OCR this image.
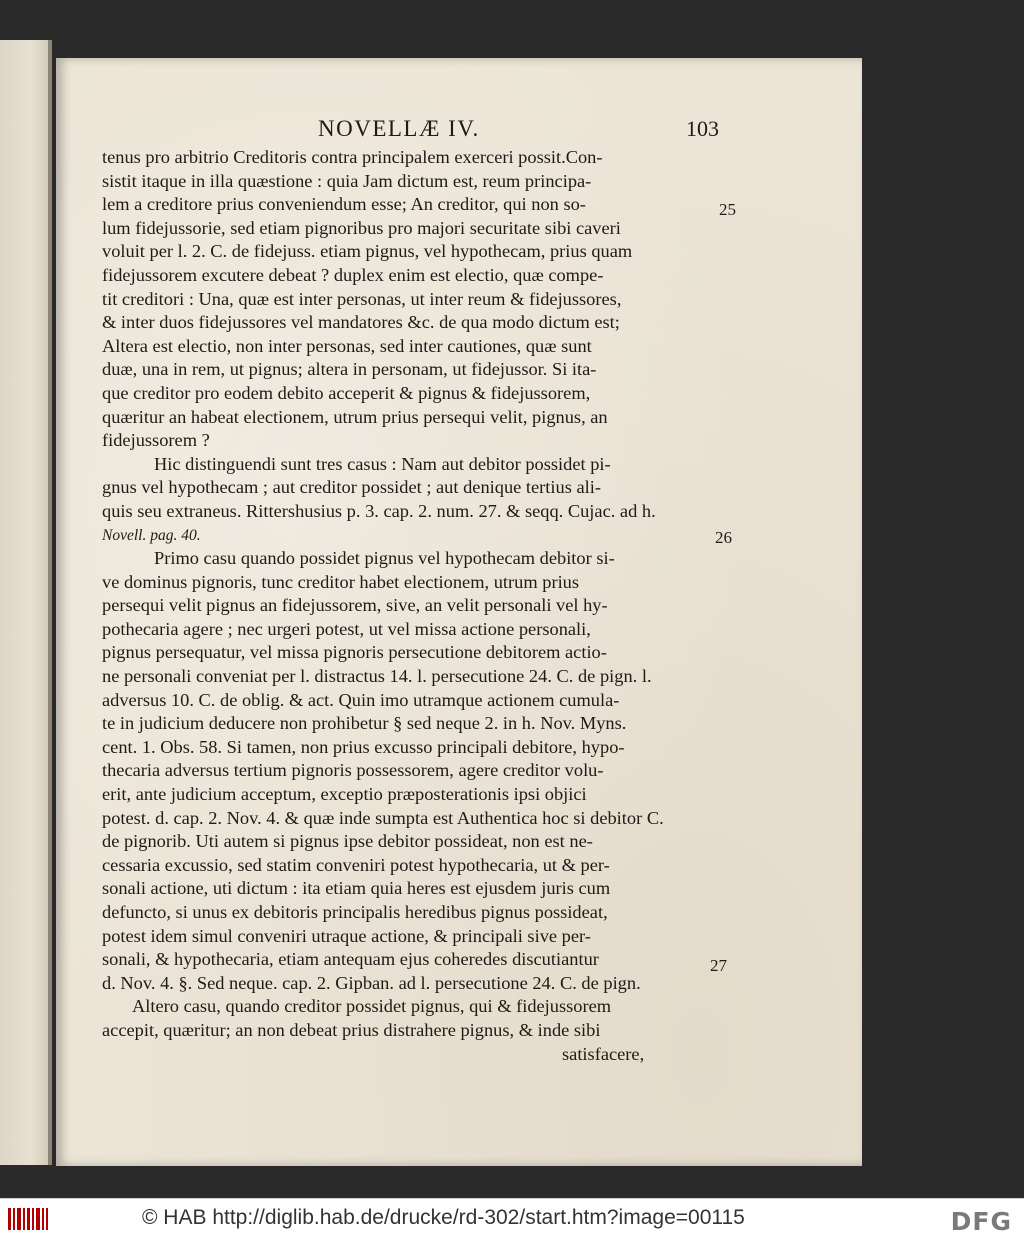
NOVELLÆ IV.	103
tenus pro arbitrio Creditoris contra principalem exerceri possit.Con-
sistit itaque in illa quæstione : quia Jam dictum est, reum principa-
lem a creditore prius conveniendum esse; An creditor, qui non so-
lum fidejussorie, sed etiam pignoribus pro majori securitate sibi caveri
voluit per l. 2. C. de fidejuss. etiam pignus, vel hypothecam, prius quam
fidejussorem excutere debeat ? duplex enim est electio, quæ compe-
tit creditori : Una, quæ est inter personas, ut inter reum & fidejussores,
& inter duos fidejussores vel mandatores &c. de qua modo dictum est;
Altera est electio, non inter personas, sed inter cautiones, quæ sunt
duæ, una in rem, ut pignus; altera in personam, ut fidejussor. Si ita-
que creditor pro eodem debito acceperit & pignus & fidejussorem,
quæritur an habeat electionem, utrum prius persequi velit, pignus, an
fidejussorem ?
Hic distinguendi sunt tres casus : Nam aut debitor possidet pi-
gnus vel hypothecam ; aut creditor possidet ; aut denique tertius ali-
quis seu extraneus. Rittershusius p. 3. cap. 2. num. 27. & seqq. Cujac. ad h.
Novell. pag. 40.
Primo casu quando possidet pignus vel hypothecam debitor si-
ve dominus pignoris, tunc creditor habet electionem, utrum prius
persequi velit pignus an fidejussorem, sive, an velit personali vel hy-
pothecaria agere ; nec urgeri potest, ut vel missa actione personali,
pignus persequatur, vel missa pignoris persecutione debitorem actio-
ne personali conveniat per l. distractus 14. l. persecutione 24. C. de pign. l.
adversus 10. C. de oblig. & act. Quin imo utramque actionem cumula-
te in judicium deducere non prohibetur § sed neque 2. in h. Nov. Myns.
cent. 1. Obs. 58. Si tamen, non prius excusso principali debitore, hypo-
thecaria adversus tertium pignoris possessorem, agere creditor volu-
erit, ante judicium acceptum, exceptio præposterationis ipsi objici
potest. d. cap. 2. Nov. 4. & quæ inde sumpta est Authentica hoc si debitor C.
de pignorib. Uti autem si pignus ipse debitor possideat, non est ne-
cessaria excussio, sed statim conveniri potest hypothecaria, ut & per-
sonali actione, uti dictum : ita etiam quia heres est ejusdem juris cum
defuncto, si unus ex debitoris principalis heredibus pignus possideat,
potest idem simul conveniri utraque actione, & principali sive per-
sonali, & hypothecaria, etiam antequam ejus coheredes discutiantur
d. Nov. 4. §. Sed neque. cap. 2. Gipban. ad l. persecutione 24. C. de pign.
Altero casu, quando creditor possidet pignus, qui & fidejussorem
accepit, quæritur; an non debeat prius distrahere pignus, & inde sibi
satisfacere,
25
26
27
© HAB http://diglib.hab.de/drucke/rd-302/start.htm?image=00115	DFG
